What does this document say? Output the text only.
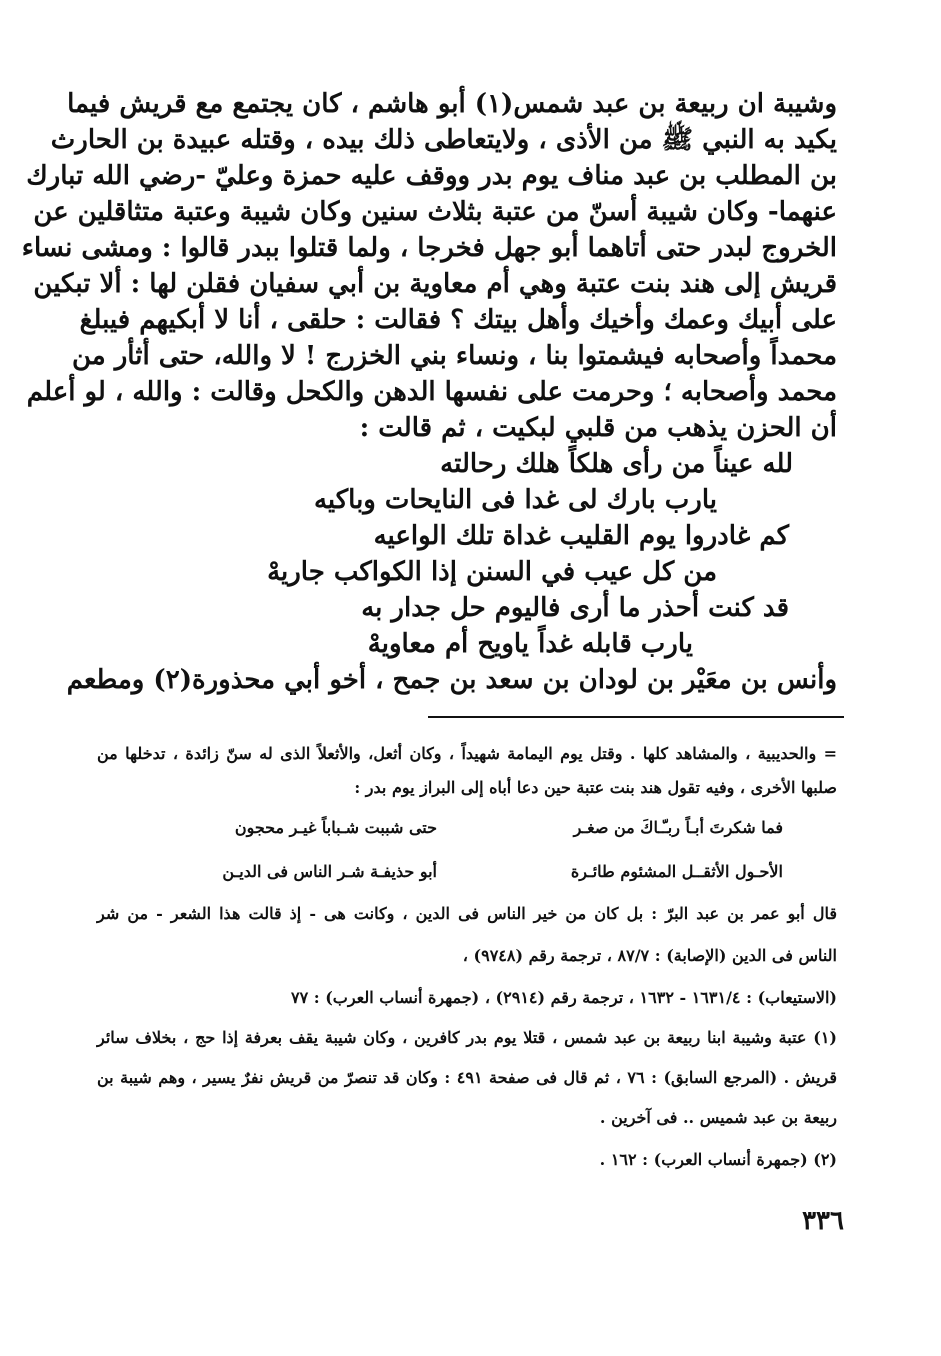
وشيبة ان ربيعة بن عبد شمس(١) أبو هاشم ، كان يجتمع مع قريش فيما
يكيد به النبي ﷺ من الأذى ، ولايتعاطى ذلك بيده ، وقتله عبيدة بن الحارث
بن المطلب بن عبد مناف يوم بدر ووقف عليه حمزة وعليّ -رضي الله تبارك
عنهما- وكان شيبة أسنّ من عتبة بثلاث سنين وكان شيبة وعتبة متثاقلين عن
الخروج لبدر حتى أتاهما أبو جهل فخرجا ، ولما قتلوا ببدر قالوا : ومشى نساء
قريش إلى هند بنت عتبة وهي أم معاوية بن أبي سفيان فقلن لها : ألا تبكين
على أبيك وعمك وأخيك وأهل بيتك ؟ فقالت : حلقى ، أنا لا أبكيهم فيبلغ
محمداً وأصحابه فيشمتوا بنا ، ونساء بني الخزرج ! لا والله، حتى أثأر من
محمد وأصحابه ؛ وحرمت على نفسها الدهن والكحل وقالت : والله ، لو أعلم
أن الحزن يذهب من قلبي لبكيت ، ثم قالت :
لله عيناً من رأى هلكاً هلك رحالته
يارب بارك لى غدا فى النايحات وباكيه
كم غادروا يوم القليب غداة تلك الواعيه
من كل عيب في السنن إذا الكواكب جاريهْ
قد كنت أحذر ما أرى فاليوم حل جدار به
يارب قابله غداً ياويح أم معاويهْ
وأنس بن معَيْر بن لودان بن سعد بن جمح ، أخو أبي محذورة(٢) ومطعم
= والحديبية ، والمشاهد كلها . وقتل يوم اليمامة شهيداً ، وكان أثعل، والأثعلاً الذى له سنّ زائدة ، تدخلها من
صلبها الأخرى ، وفيه تقول هند بنت عتبة حين دعا أباه إلى البراز يوم بدر :
فما شكرتَ أبـاً ربـّـاكَ من صغـر
حتى شببت شـباباً غيـر محجون
الأحـول الأثقــل المشئوم طائـرة
أبو حذيفـة شـر الناس فى الديـن
قال أبو عمر بن عبد البرّ : بل كان من خير الناس فى الدين ، وكانت هى - إذ قالت هذا الشعر - من شر
الناس فى الدين (الإصابة) : ٨٧/٧ ، ترجمة رقم (٩٧٤٨) ،
(الاستيعاب) : ١٦٣١/٤ - ١٦٣٢ ، ترجمة رقم (٢٩١٤) ، (جمهرة أنساب العرب) : ٧٧
(١) عتبة وشيبة ابنا ربيعة بن عبد شمس ، قتلا يوم بدر كافرين ، وكان شيبة يقف بعرفة إذا حج ، بخلاف سائر
قريش . (المرجع السابق) : ٧٦ ، ثم قال فى صفحة ٤٩١ : وكان قد تنصرّ من قريش نفرٌ يسير ، وهم شيبة بن
ربيعة بن عبد شميس .. فى آخرين .
(٢) (جمهرة أنساب العرب) : ١٦٢ .
٣٣٦
